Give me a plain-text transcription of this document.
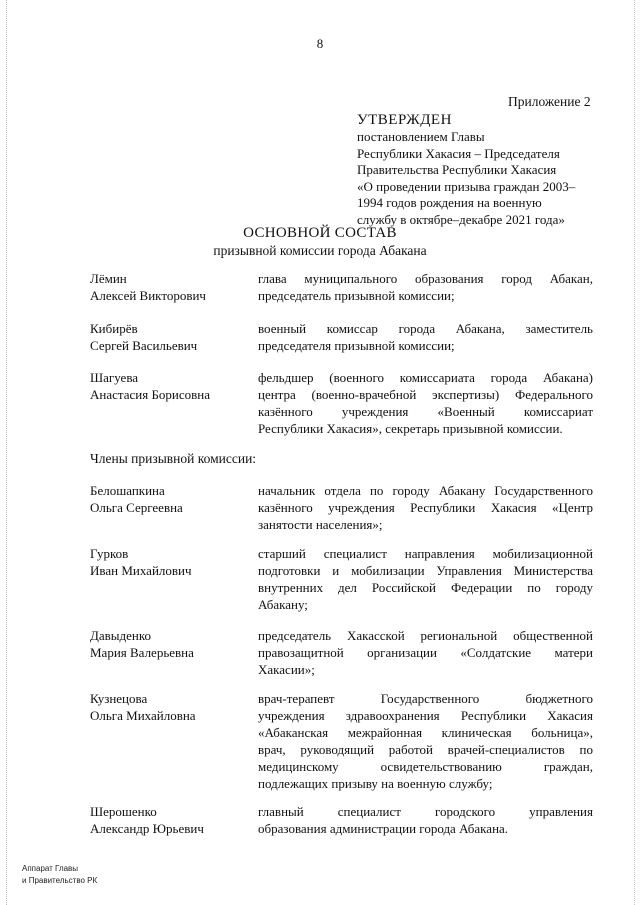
8
Приложение 2
УТВЕРЖДЕН
постановлением Главы
Республики Хакасия – Председателя
Правительства Республики Хакасия
«О проведении призыва граждан 2003–
1994 годов рождения на военную
службу в октябре–декабре 2021 года»
ОСНОВНОЙ СОСТАВ
призывной комиссии города Абакана
Лёмин
Алексей Викторович
глава муниципального образования город Абакан,
председатель призывной комиссии;
Кибирёв
Сергей Васильевич
военный комиссар города Абакана, заместитель
председателя призывной комиссии;
Шагуева
Анастасия Борисовна
фельдшер (военного комиссариата города Абакана)
центра (военно-врачебной экспертизы) Федерального
казённого учреждения «Военный комиссариат
Республики Хакасия», секретарь призывной комиссии.
Члены призывной комиссии:
Белошапкина
Ольга Сергеевна
начальник отдела по городу Абакану Государственного
казённого учреждения Республики Хакасия «Центр
занятости населения»;
Гурков
Иван Михайлович
старший специалист направления мобилизационной
подготовки и мобилизации Управления Министерства
внутренних дел Российской Федерации по городу
Абакану;
Давыденко
Мария Валерьевна
председатель Хакасской региональной общественной
правозащитной организации «Солдатские матери
Хакасии»;
Кузнецова
Ольга Михайловна
врач-терапевт Государственного бюджетного
учреждения здравоохранения Республики Хакасия
«Абаканская межрайонная клиническая больница»,
врач, руководящий работой врачей-специалистов по
медицинскому освидетельствованию граждан,
подлежащих призыву на военную службу;
Шерошенко
Александр Юрьевич
главный специалист городского управления
образования администрации города Абакана.
Аппарат Главы
и Правительство РК
